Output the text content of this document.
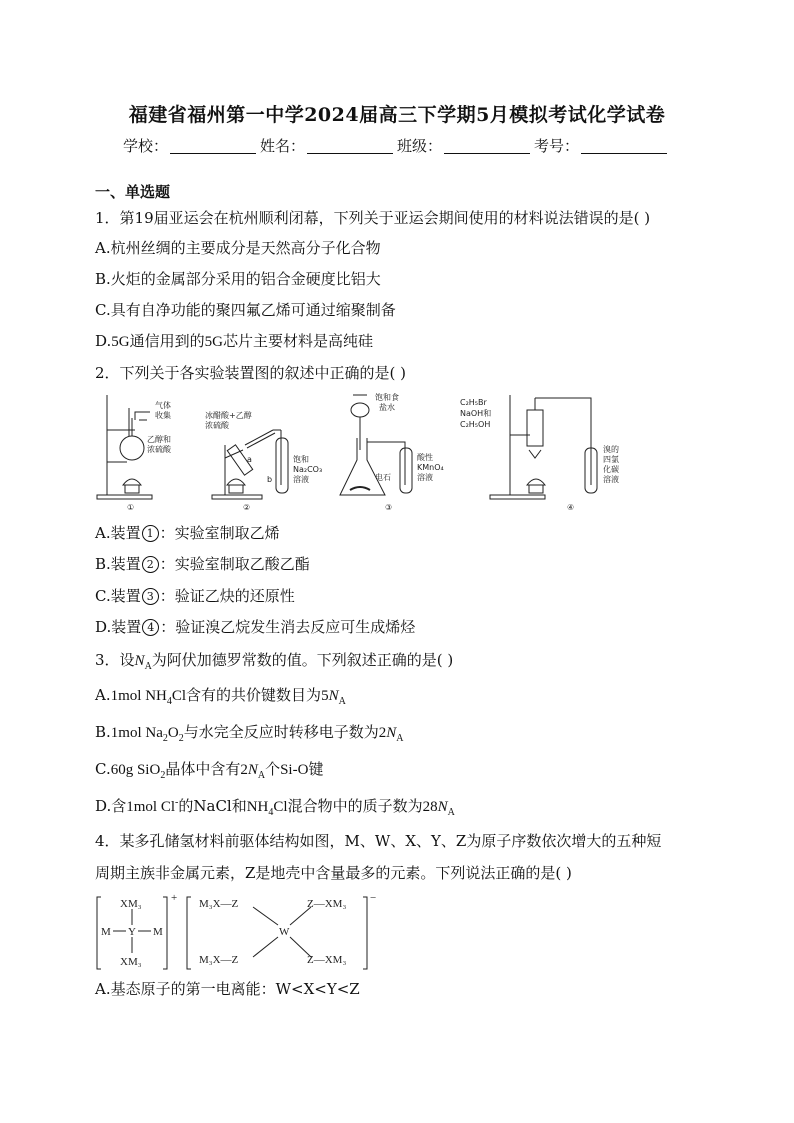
福建省福州第一中学2024届高三下学期5月模拟考试化学试卷
学校：	姓名：	班级：	考号：
一、单选题
1．第19届亚运会在杭州顺利闭幕，下列关于亚运会期间使用的材料说法错误的是( )
A.杭州丝绸的主要成分是天然高分子化合物
B.火炬的金属部分采用的铝合金硬度比铝大
C.具有自净功能的聚四氟乙烯可通过缩聚制备
D.5G通信用到的5G芯片主要材料是高纯硅
2．下列关于各实验装置图的叙述中正确的是( )
气体
收集
乙醇和
浓硫酸
①
冰醋酸+乙醇
浓硫酸
a
b
饱和
Na₂CO₃
溶液
②
饱和食
盐水
电石
酸性
KMnO₄
溶液
③
C₂H₅Br
NaOH和
C₂H₅OH
溴的
四氯
化碳
溶液
④
A.装置 1 ：实验室制取乙烯
B.装置 2 ：实验室制取乙酸乙酯
C.装置 3 ：验证乙炔的还原性
D.装置 4 ：验证溴乙烷发生消去反应可生成烯烃
3．设$N_A$为阿伏加德罗常数的值。下列叙述正确的是( )
A.1mol $NH_4Cl$含有的共价键数目为$5N_A$
B.1mol $Na_2O_2$与水完全反应时转移电子数为$2N_A$
C.60g SiO$_2$晶体中含有$2N_A$个Si-O键
D.含1mol Cl-的NaCl和$NH_4Cl$混合物中的质子数为$28N_A$
4．某多孔储氢材料前驱体结构如图，M、W、X、Y、Z为原子序数依次增大的五种短
周期主族非金属元素，Z是地壳中含量最多的元素。下列说法正确的是( )
XM₃
M Y M
XM₃
+ M₃X—Z
M₃X—Z
W
Z—XM₃
Z—XM₃
−
A.基态原子的第一电离能：W<X<Y<Z
